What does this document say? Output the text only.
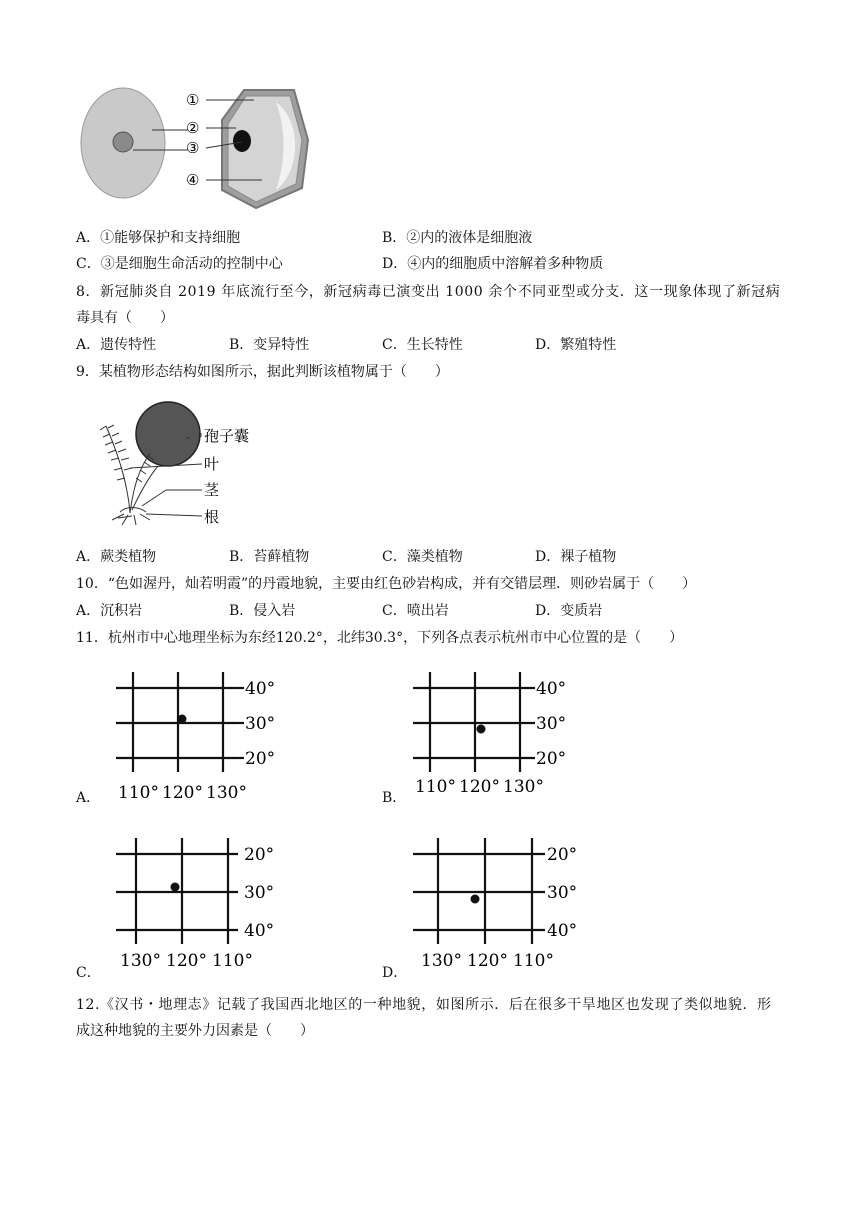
①
②
③
④
A．①能够保护和支持细胞	B．②内的液体是细胞液
C．③是细胞生命活动的控制中心	D．④内的细胞质中溶解着多种物质
8．新冠肺炎自 2019 年底流行至今，新冠病毒已演变出 1000 余个不同亚型或分支．这一现象体现了新冠病
毒具有（　　）
A．遗传特性	B．变异特性	C．生长特性	D．繁殖特性
9．某植物形态结构如图所示，据此判断该植物属于（　　）
孢子囊
叶
茎
根
A．蕨类植物	B．苔藓植物	C．藻类植物	D．裸子植物
10．“色如渥丹，灿若明霞”的丹霞地貌，主要由红色砂岩构成，并有交错层理．则砂岩属于（　　）
A．沉积岩	B．侵入岩	C．喷出岩	D．变质岩
11．杭州市中心地理坐标为东经120.2°，北纬30.3°，下列各点表示杭州市中心位置的是（　　）
40°
30°
20°
110° 120° 130°
A．
40°
30°
20°
110° 120° 130°
B．
20°
30°
40°
130° 120° 110°
C．
20°
30°
40°
130° 120° 110°
D．
12.《汉书・地理志》记载了我国西北地区的一种地貌，如图所示．后在很多干旱地区也发现了类似地貌．形
成这种地貌的主要外力因素是（　　）
